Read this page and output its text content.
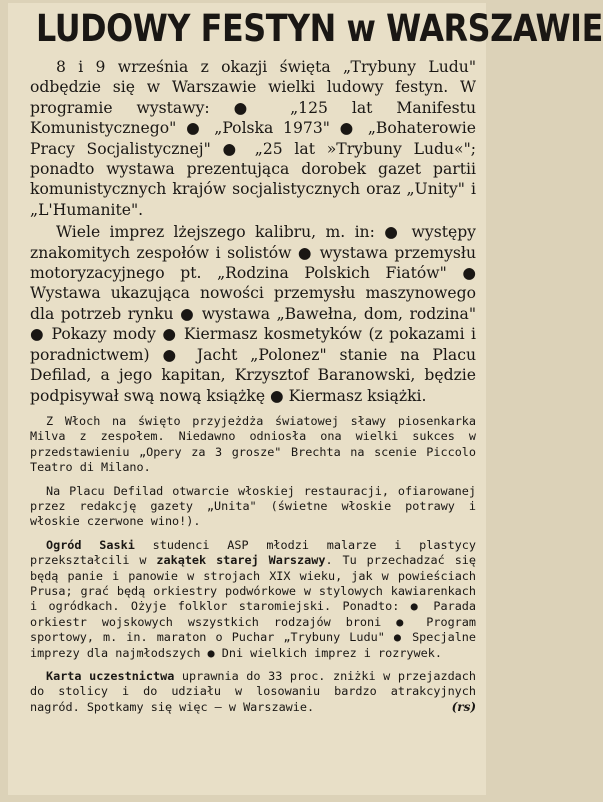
LUDOWY FESTYN w WARSZAWIE

8 i 9 września z okazji święta „Trybuny Ludu" odbędzie się w Warszawie wielki ludowy festyn. W programie wystawy: ● „125 lat Manifestu Komunistycznego" ● „Polska 1973" ● „Bohaterowie Pracy Socjalistycznej" ● „25 lat »Trybuny Ludu«"; ponadto wystawa prezentująca dorobek gazet partii komunistycznych krajów socjalistycznych oraz „Unity" i „L'Humanite".

Wiele imprez lżejszego kalibru, m. in: ● występy znakomitych zespołów i solistów ● wystawa przemysłu motoryzacyjnego pt. „Rodzina Polskich Fiatów" ● Wystawa ukazująca nowości przemysłu maszynowego dla potrzeb rynku ● wystawa „Bawełna, dom, rodzina" ● Pokazy mody ● Kiermasz kosmetyków (z pokazami i poradnictwem) ● Jacht „Polonez" stanie na Placu Defilad, a jego kapitan, Krzysztof Baranowski, będzie podpisywał swą nową książkę ● Kiermasz książki.

Z Włoch na święto przyjeżdża światowej sławy piosenkarka Milva z zespołem. Niedawno odniosła ona wielki sukces w przedstawieniu „Opery za 3 grosze" Brechta na scenie Piccolo Teatro di Milano.

Na Placu Defilad otwarcie włoskiej restauracji, ofiarowanej przez redakcję gazety „Unita" (świetne włoskie potrawy i włoskie czerwone wino!).

Ogród Saski studenci ASP młodzi malarze i plastycy przekształcili w zakątek starej Warszawy. Tu przechadzać się będą panie i panowie w strojach XIX wieku, jak w powieściach Prusa; grać będą orkiestry podwórkowe w stylowych kawiarenkach i ogródkach. Ożyje folklor staromiejski. Ponadto: ● Parada orkiestr wojskowych wszystkich rodzajów broni ● Program sportowy, m. in. maraton o Puchar „Trybuny Ludu" ● Specjalne imprezy dla najmłodszych ● Dni wielkich imprez i rozrywek.

Karta uczestnictwa uprawnia do 33 proc. zniżki w przejazdach do stolicy i do udziału w losowaniu bardzo atrakcyjnych nagród. Spotkamy się więc — w Warszawie.	(rs)
